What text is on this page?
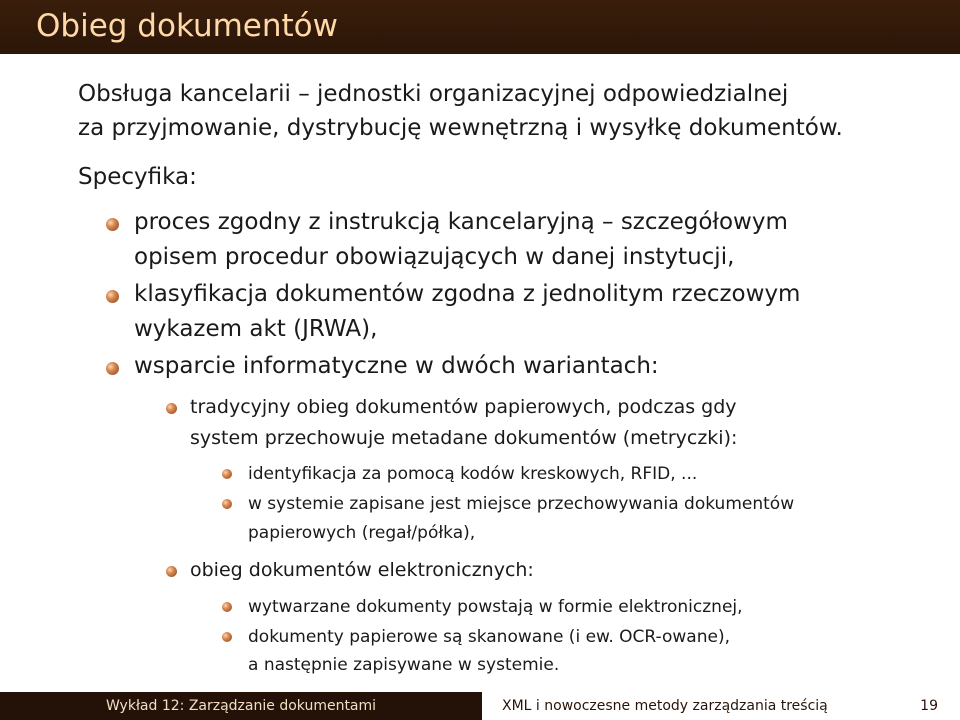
Obieg dokumentów
Obsługa kancelarii – jednostki organizacyjnej odpowiedzialnej
za przyjmowanie, dystrybucję wewnętrzną i wysyłkę dokumentów.
Specyfika:
proces zgodny z instrukcją kancelaryjną – szczegółowym
opisem procedur obowiązujących w danej instytucji,
klasyfikacja dokumentów zgodna z jednolitym rzeczowym
wykazem akt (JRWA),
wsparcie informatyczne w dwóch wariantach:
tradycyjny obieg dokumentów papierowych, podczas gdy
system przechowuje metadane dokumentów (metryczki):
identyfikacja za pomocą kodów kreskowych, RFID, ...
w systemie zapisane jest miejsce przechowywania dokumentów
papierowych (regał/półka),
obieg dokumentów elektronicznych:
wytwarzane dokumenty powstają w formie elektronicznej,
dokumenty papierowe są skanowane (i ew. OCR-owane),
a następnie zapisywane w systemie.
Wykład 12: Zarządzanie dokumentami	XML i nowoczesne metody zarządzania treścią	19
